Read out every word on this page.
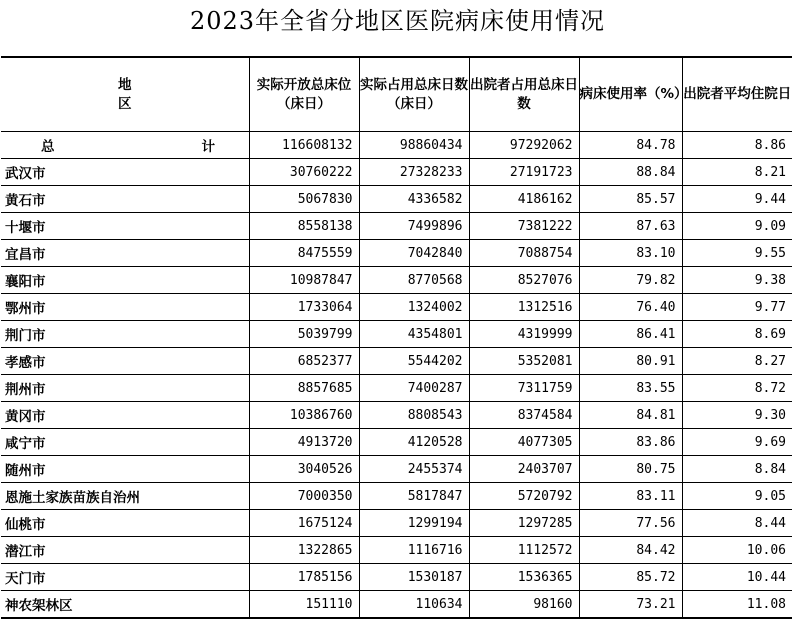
2023年全省分地区医院病床使用情况
地　　区	实际开放总床位（床日）	实际占用总床日数（床日）	出院者占用总床日数	病床使用率（%）	出院者平均住院日
总　　计	116608132	98860434	97292062	84.78	8.86
武汉市	30760222	27328233	27191723	88.84	8.21
黄石市	5067830	4336582	4186162	85.57	9.44
十堰市	8558138	7499896	7381222	87.63	9.09
宜昌市	8475559	7042840	7088754	83.10	9.55
襄阳市	10987847	8770568	8527076	79.82	9.38
鄂州市	1733064	1324002	1312516	76.40	9.77
荆门市	5039799	4354801	4319999	86.41	8.69
孝感市	6852377	5544202	5352081	80.91	8.27
荆州市	8857685	7400287	7311759	83.55	8.72
黄冈市	10386760	8808543	8374584	84.81	9.30
咸宁市	4913720	4120528	4077305	83.86	9.69
随州市	3040526	2455374	2403707	80.75	8.84
恩施土家族苗族自治州	7000350	5817847	5720792	83.11	9.05
仙桃市	1675124	1299194	1297285	77.56	8.44
潜江市	1322865	1116716	1112572	84.42	10.06
天门市	1785156	1530187	1536365	85.72	10.44
神农架林区	151110	110634	98160	73.21	11.08
